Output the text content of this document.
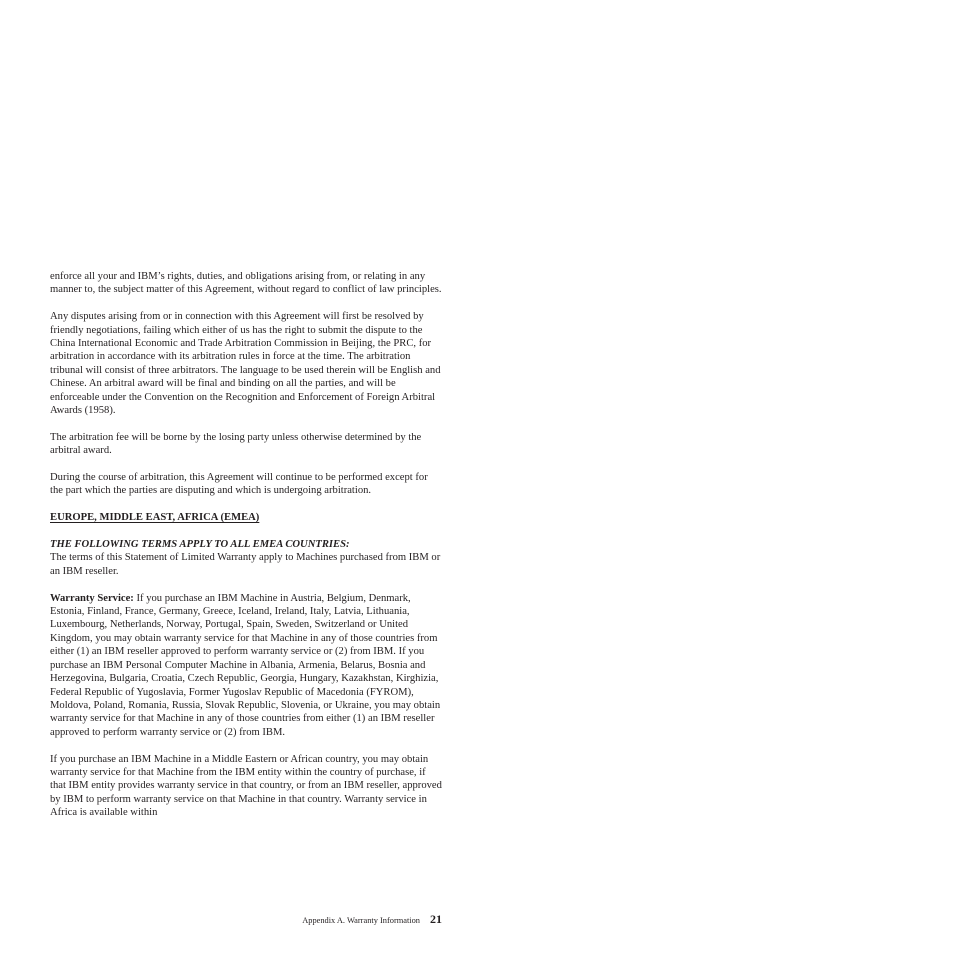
enforce all your and IBM’s rights, duties, and obligations arising from, or relating in any manner to, the subject matter of this Agreement, without regard to conflict of law principles.

Any disputes arising from or in connection with this Agreement will first be resolved by friendly negotiations, failing which either of us has the right to submit the dispute to the China International Economic and Trade Arbitration Commission in Beijing, the PRC, for arbitration in accordance with its arbitration rules in force at the time. The arbitration tribunal will consist of three arbitrators. The language to be used therein will be English and Chinese. An arbitral award will be final and binding on all the parties, and will be enforceable under the Convention on the Recognition and Enforcement of Foreign Arbitral Awards (1958).

The arbitration fee will be borne by the losing party unless otherwise determined by the arbitral award.

During the course of arbitration, this Agreement will continue to be performed except for the part which the parties are disputing and which is undergoing arbitration.

EUROPE, MIDDLE EAST, AFRICA (EMEA)

THE FOLLOWING TERMS APPLY TO ALL EMEA COUNTRIES:

The terms of this Statement of Limited Warranty apply to Machines purchased from IBM or an IBM reseller.

Warranty Service: If you purchase an IBM Machine in Austria, Belgium, Denmark, Estonia, Finland, France, Germany, Greece, Iceland, Ireland, Italy, Latvia, Lithuania, Luxembourg, Netherlands, Norway, Portugal, Spain, Sweden, Switzerland or United Kingdom, you may obtain warranty service for that Machine in any of those countries from either (1) an IBM reseller approved to perform warranty service or (2) from IBM. If you purchase an IBM Personal Computer Machine in Albania, Armenia, Belarus, Bosnia and Herzegovina, Bulgaria, Croatia, Czech Republic, Georgia, Hungary, Kazakhstan, Kirghizia, Federal Republic of Yugoslavia, Former Yugoslav Republic of Macedonia (FYROM), Moldova, Poland, Romania, Russia, Slovak Republic, Slovenia, or Ukraine, you may obtain warranty service for that Machine in any of those countries from either (1) an IBM reseller approved to perform warranty service or (2) from IBM.

If you purchase an IBM Machine in a Middle Eastern or African country, you may obtain warranty service for that Machine from the IBM entity within the country of purchase, if that IBM entity provides warranty service in that country, or from an IBM reseller, approved by IBM to perform warranty service on that Machine in that country. Warranty service in Africa is available within

Appendix A. Warranty Information 21
